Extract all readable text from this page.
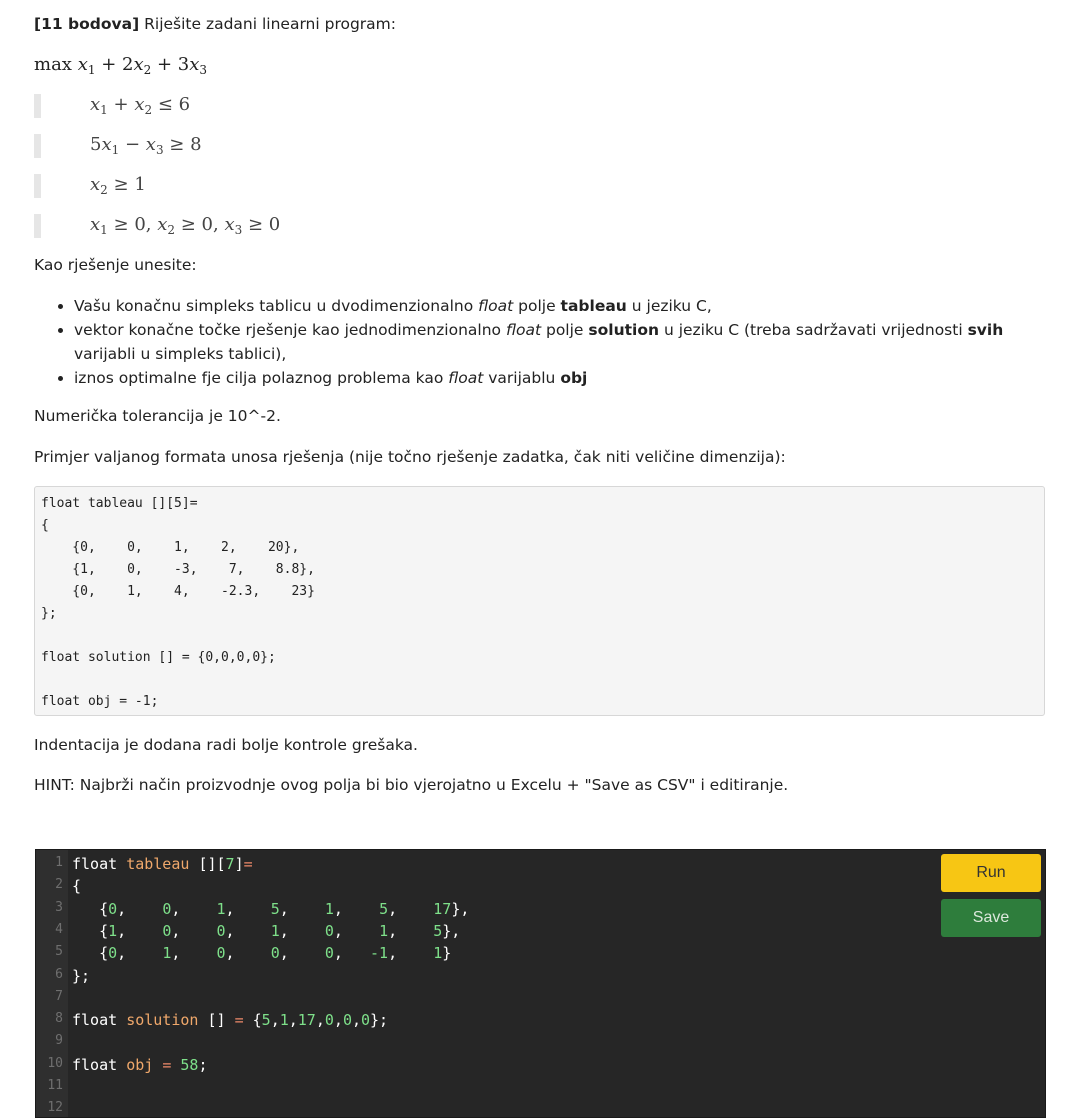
[11 bodova] Riješite zadani linearni program:
$\max x_1 + 2x_2 + 3x_3$
$x_1 + x_2 \le 6$
$5x_1 - x_3 \ge 8$
$x_2 \ge 1$
$x_1 \ge 0$, $x_2 \ge 0$, $x_3 \ge 0$
Kao rješenje unesite:
• Vašu konačnu simpleks tablicu u dvodimenzionalno float polje tableau u jeziku C,
• vektor konačne točke rješenje kao jednodimenzionalno float polje solution u jeziku C (treba sadržavati vrijednosti svih varijabli u simpleks tablici),
• iznos optimalne fje cilja polaznog problema kao float varijablu obj
Numerička tolerancija je 10^-2.
Primjer valjanog formata unosa rješenja (nije točno rješenje zadatka, čak niti veličine dimenzija):
float tableau [][5]=
{
{0,    0,    1,    2,    20},
{1,    0,    -3,    7,    8.8},
{0,    1,    4,    -2.3,    23}
};

float solution [] = {0,0,0,0};

float obj = -1;
Indentacija je dodana radi bolje kontrole grešaka.
HINT: Najbrži način proizvodnje ovog polja bi bio vjerojatno u Excelu + "Save as CSV" i editiranje.
1
2
3
4
5
6
7
8
9
10
11
12
float tableau [][7]=
{
{0,    0,    1,    5,    1,    5,    17},
{1,    0,    0,    1,    0,    1,    5},
{0,    1,    0,    0,    0,   -1,    1}
};
float solution [] = {5,1,17,0,0,0};
float obj = 58;
Run
Save
